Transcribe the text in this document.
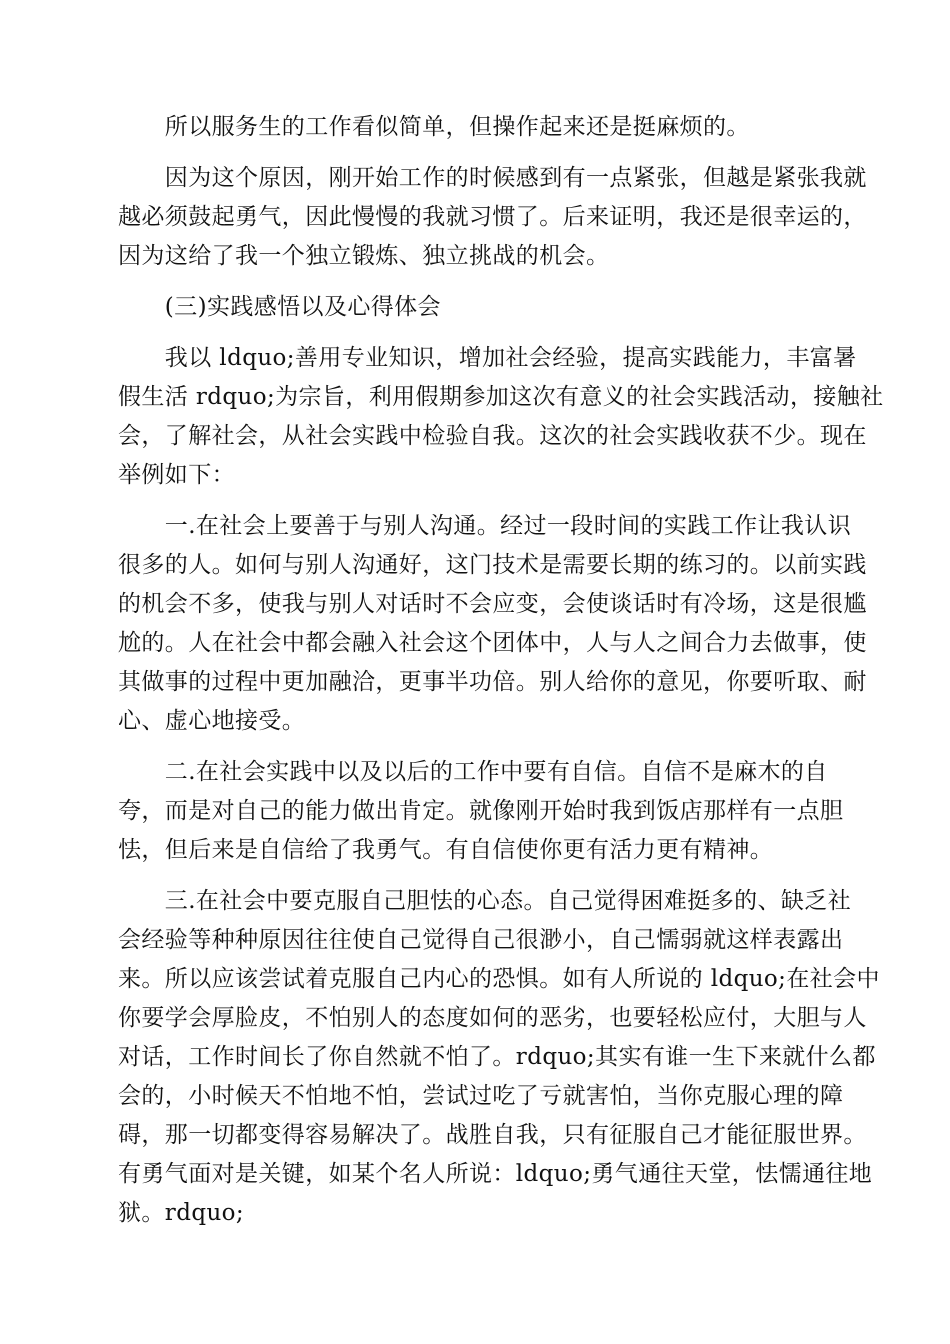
　　所以服务生的工作看似简单，但操作起来还是挺麻烦的。
　　因为这个原因，刚开始工作的时候感到有一点紧张，但越是紧张我就
越必须鼓起勇气，因此慢慢的我就习惯了。后来证明，我还是很幸运的，
因为这给了我一个独立锻炼、独立挑战的机会。
　　(三)实践感悟以及心得体会
　　我以 ldquo;善用专业知识，增加社会经验，提高实践能力，丰富暑
假生活 rdquo;为宗旨，利用假期参加这次有意义的社会实践活动，接触社
会，了解社会，从社会实践中检验自我。这次的社会实践收获不少。现在
举例如下：
　　一.在社会上要善于与别人沟通。经过一段时间的实践工作让我认识
很多的人。如何与别人沟通好，这门技术是需要长期的练习的。以前实践
的机会不多，使我与别人对话时不会应变，会使谈话时有冷场，这是很尴
尬的。人在社会中都会融入社会这个团体中，人与人之间合力去做事，使
其做事的过程中更加融洽，更事半功倍。别人给你的意见，你要听取、耐
心、虚心地接受。
　　二.在社会实践中以及以后的工作中要有自信。自信不是麻木的自
夸，而是对自己的能力做出肯定。就像刚开始时我到饭店那样有一点胆
怯，但后来是自信给了我勇气。有自信使你更有活力更有精神。
　　三.在社会中要克服自己胆怯的心态。自己觉得困难挺多的、缺乏社
会经验等种种原因往往使自己觉得自己很渺小，自己懦弱就这样表露出
来。所以应该尝试着克服自己内心的恐惧。如有人所说的 ldquo;在社会中
你要学会厚脸皮，不怕别人的态度如何的恶劣，也要轻松应付，大胆与人
对话，工作时间长了你自然就不怕了。rdquo;其实有谁一生下来就什么都
会的，小时候天不怕地不怕，尝试过吃了亏就害怕，当你克服心理的障
碍，那一切都变得容易解决了。战胜自我，只有征服自己才能征服世界。
有勇气面对是关键，如某个名人所说：ldquo;勇气通往天堂，怯懦通往地
狱。rdquo;
